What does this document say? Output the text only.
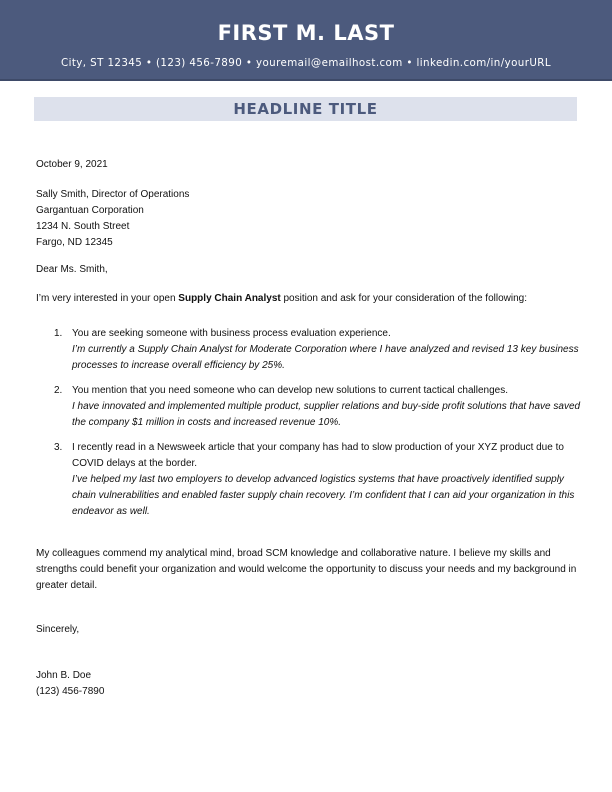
FIRST M. LAST
City, ST 12345 • (123) 456-7890 • youremail@emailhost.com • linkedin.com/in/yourURL
HEADLINE TITLE
October 9, 2021
Sally Smith, Director of Operations
Gargantuan Corporation
1234 N. South Street
Fargo, ND 12345
Dear Ms. Smith,
I’m very interested in your open Supply Chain Analyst position and ask for your consideration of the following:
1. You are seeking someone with business process evaluation experience.
I’m currently a Supply Chain Analyst for Moderate Corporation where I have analyzed and revised 13 key business processes to increase overall efficiency by 25%.
2. You mention that you need someone who can develop new solutions to current tactical challenges.
I have innovated and implemented multiple product, supplier relations and buy-side profit solutions that have saved the company $1 million in costs and increased revenue 10%.
3. I recently read in a Newsweek article that your company has had to slow production of your XYZ product due to COVID delays at the border.
I’ve helped my last two employers to develop advanced logistics systems that have proactively identified supply chain vulnerabilities and enabled faster supply chain recovery. I’m confident that I can aid your organization in this endeavor as well.
My colleagues commend my analytical mind, broad SCM knowledge and collaborative nature. I believe my skills and strengths could benefit your organization and would welcome the opportunity to discuss your needs and my background in greater detail.
Sincerely,
John B. Doe
(123) 456-7890
